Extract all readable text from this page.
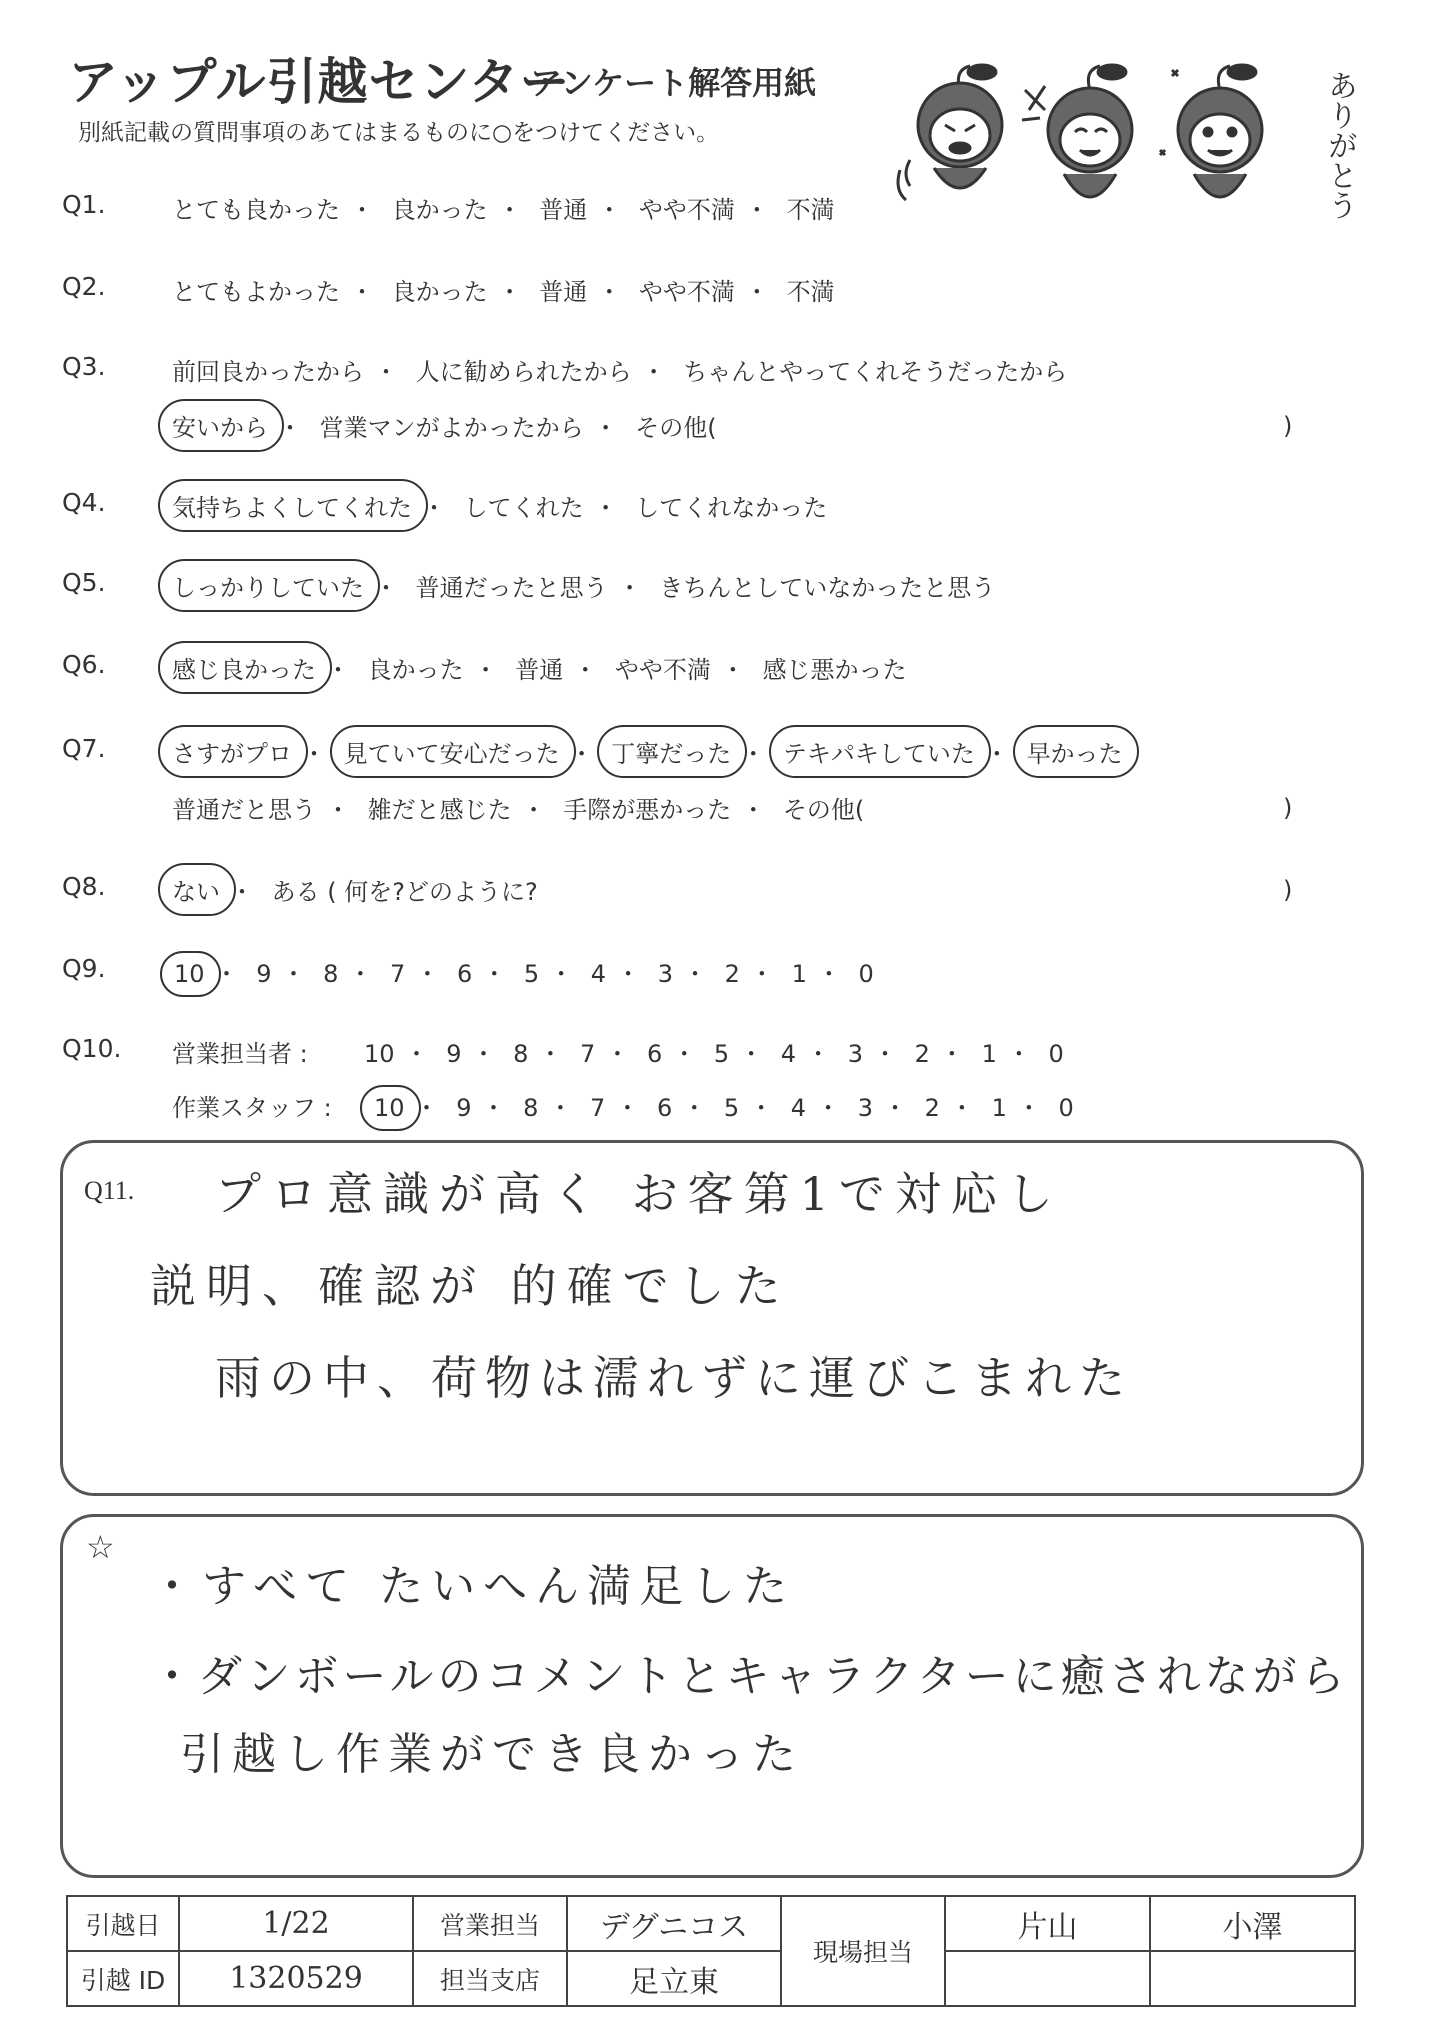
アップル引越センター
アンケート解答用紙
別紙記載の質問事項のあてはまるものに○をつけてください。	ありがとう
Q1.	とても良かった ・ 良かった ・ 普通 ・ やや不満 ・ 不満
Q2.	とてもよかった ・ 良かった ・ 普通 ・ やや不満 ・ 不満
Q3.	前回良かったから ・ 人に勧められたから ・ ちゃんとやってくれそうだったから
安いから ・ 営業マンがよかったから ・ その他(	)
Q4.	気持ちよくしてくれた ・ してくれた ・ してくれなかった
Q5.	しっかりしていた ・ 普通だったと思う ・ きちんとしていなかったと思う
Q6.	感じ良かった ・ 良かった ・ 普通 ・ やや不満 ・ 感じ悪かった
Q7.	さすがプロ ・ 見ていて安心だった ・ 丁寧だった ・ テキパキしていた ・ 早かった
普通だと思う ・ 雑だと感じた ・ 手際が悪かった ・ その他(	)
Q8.	ない ・ ある ( 何を?どのように?	)
Q9.	10 ・ 9 ・ 8 ・ 7 ・ 6 ・ 5 ・ 4 ・ 3 ・ 2 ・ 1 ・ 0
Q10. 営業担当者 : 10 ・ 9 ・ 8 ・ 7 ・ 6 ・ 5 ・ 4 ・ 3 ・ 2 ・ 1 ・ 0
作業スタッフ : 10 ・ 9 ・ 8 ・ 7 ・ 6 ・ 5 ・ 4 ・ 3 ・ 2 ・ 1 ・ 0
Q11. プロ意識が高く お客第1で対応し
説明、確認が 的確でした
雨の中、荷物は濡れずに運びこまれた
☆
・すべて たいへん満足した
・ダンボールのコメントとキャラクターに癒されながら
引越し作業ができ良かった
引越日	1/22	営業担当	デグニコス	現場担当	片山	小澤
引越 ID	1320529	担当支店	足立東			
